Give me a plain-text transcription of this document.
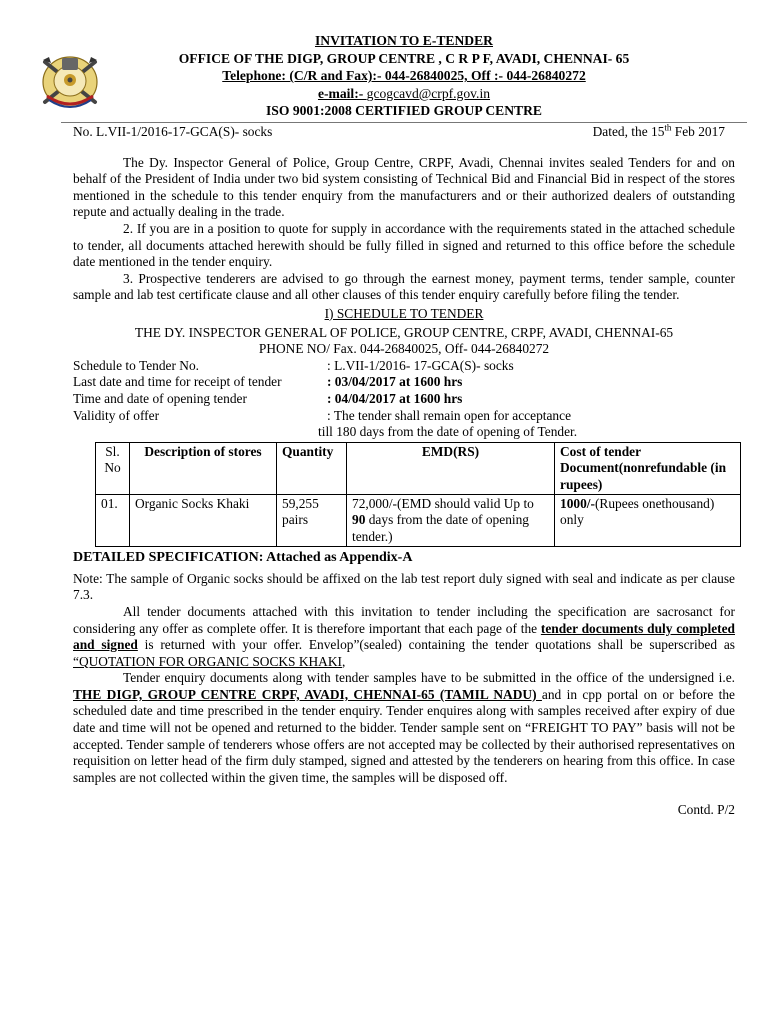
INVITATION TO E-TENDER
OFFICE OF THE DIGP, GROUP CENTRE , C R P F, AVADI, CHENNAI- 65
Telephone: (C/R and Fax):- 044-26840025, Off :- 044-26840272
e-mail:- gcogcavd@crpf.gov.in
ISO 9001:2008 CERTIFIED GROUP CENTRE
No. L.VII-1/2016-17-GCA(S)- socks	Dated, the 15th Feb 2017

The Dy. Inspector General of Police, Group Centre, CRPF, Avadi, Chennai invites sealed Tenders for and on behalf of the President of India under two bid system consisting of Technical Bid and Financial Bid in respect of the stores mentioned in the schedule to this tender enquiry from the manufacturers and or their authorized dealers of outstanding repute and actually dealing in the trade.

2. If you are in a position to quote for supply in accordance with the requirements stated in the attached schedule to tender, all documents attached herewith should be fully filled in signed and returned to this office before the schedule date mentioned in the tender enquiry.

3. Prospective tenderers are advised to go through the earnest money, payment terms, tender sample, counter sample and lab test certificate clause and all other clauses of this tender enquiry carefully before filing the tender.

I) SCHEDULE TO TENDER
THE DY. INSPECTOR GENERAL OF POLICE, GROUP CENTRE, CRPF, AVADI, CHENNAI-65
PHONE NO/ Fax. 044-26840025, Off- 044-26840272
Schedule to Tender No.	: L.VII-1/2016- 17-GCA(S)- socks
Last date and time for receipt of tender	: 03/04/2017 at 1600 hrs
Time and date of opening tender	: 04/04/2017 at 1600 hrs
Validity of offer	: The tender shall remain open for acceptance
till 180 days from the date of opening of Tender.
Sl. No	Description of stores	Quantity	EMD(RS)	Cost of tender Document(nonrefundable (in rupees)
01.	Organic Socks Khaki	59,255 pairs	72,000/-(EMD should valid Up to 90 days from the date of opening tender.)	1000/-(Rupees onethousand) only
DETAILED SPECIFICATION: Attached as Appendix-A

Note: The sample of Organic socks should be affixed on the lab test report duly signed with seal and indicate as per clause 7.3.

All tender documents attached with this invitation to tender including the specification are sacrosanct for considering any offer as complete offer. It is therefore important that each page of the tender documents duly completed and signed is returned with your offer. Envelop”(sealed) containing the tender quotations shall be superscribed as “QUOTATION FOR ORGANIC SOCKS KHAKI,

Tender enquiry documents along with tender samples have to be submitted in the office of the undersigned i.e. THE DIGP, GROUP CENTRE CRPF, AVADI, CHENNAI-65 (TAMIL NADU) and in cpp portal on or before the scheduled date and time prescribed in the tender enquiry. Tender enquires along with samples received after expiry of due date and time will not be opened and returned to the bidder. Tender sample sent on “FREIGHT TO PAY” basis will not be accepted. Tender sample of tenderers whose offers are not accepted may be collected by their authorised representatives on requisition on letter head of the firm duly stamped, signed and attested by the tenderers on hearing from this office. In case samples are not collected within the given time, the samples will be disposed off.

Contd. P/2
